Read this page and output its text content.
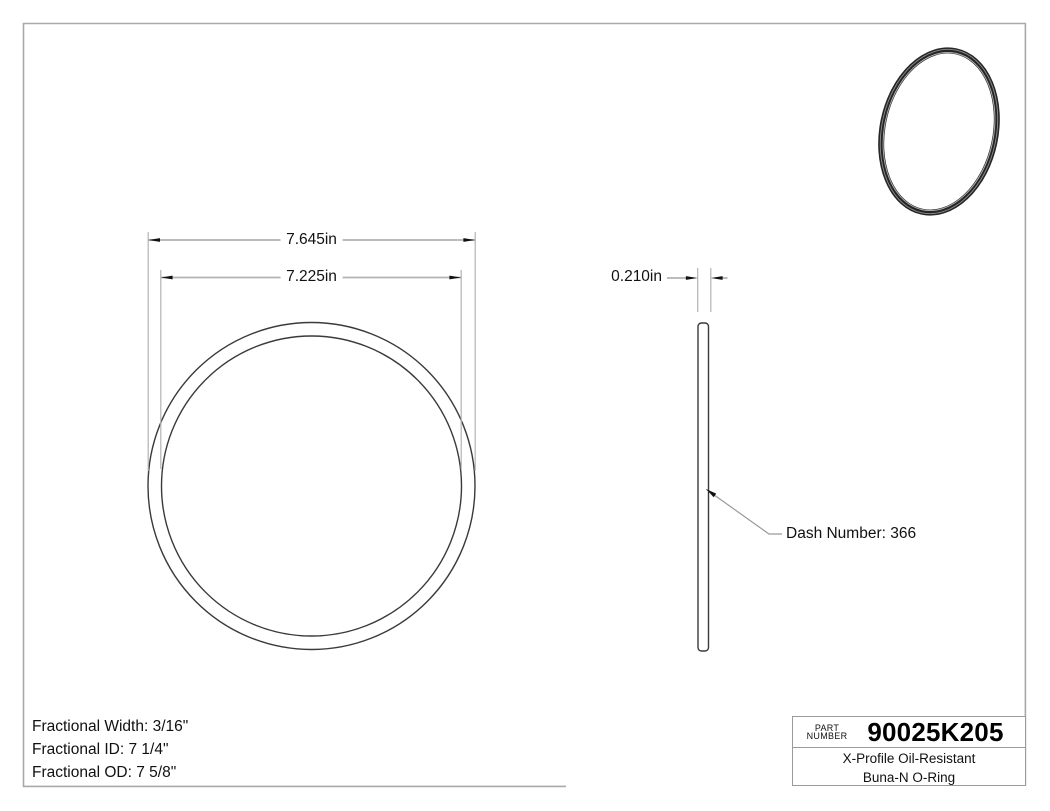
7.645in
7.225in	0.210in
Dash Number: 366
Fractional Width: 3/16"
Fractional ID: 7 1/4"
Fractional OD: 7 5/8"
PART
NUMBER 90025K205
X-Profile Oil-Resistant
Buna-N O-Ring
